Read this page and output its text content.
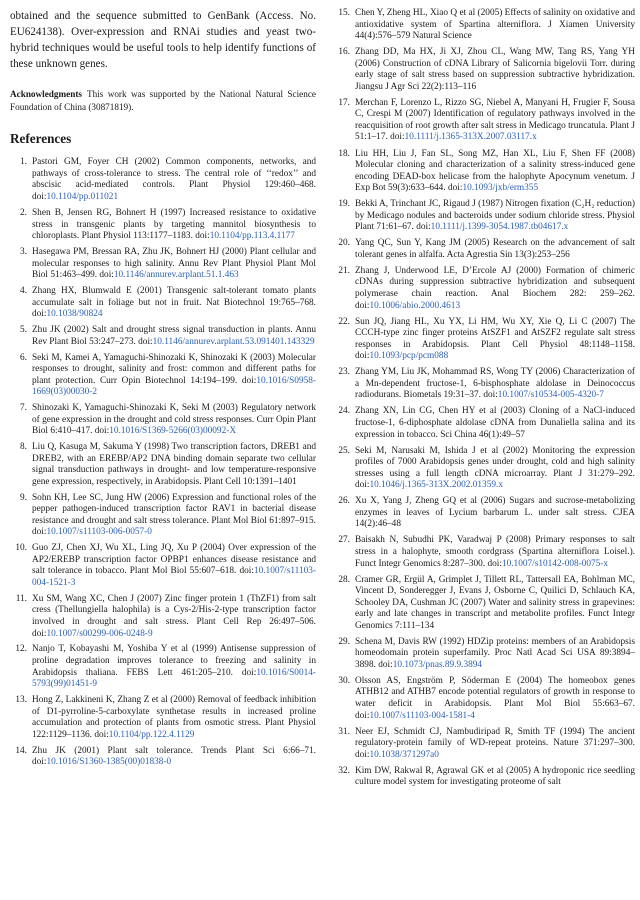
obtained and the sequence submitted to GenBank (Access. No. EU624138). Over-expression and RNAi studies and yeast two-hybrid techniques would be useful tools to help identify functions of these unknown genes.

Acknowledgments This work was supported by the National Natural Science Foundation of China (30871819).

References
1. Pastori GM, Foyer CH (2002) Common components, networks, and pathways of cross-tolerance to stress. The central role of ‘‘redox’’ and abscisic acid-mediated controls. Plant Physiol 129:460–468. doi:10.1104/pp.011021
2. Shen B, Jensen RG, Bohnert H (1997) Increased resistance to oxidative stress in transgenic plants by targeting mannitol biosynthesis to chloroplasts. Plant Physiol 113:1177–1183. doi:10.1104/pp.113.4.1177
3. Hasegawa PM, Bressan RA, Zhu JK, Bohnert HJ (2000) Plant cellular and molecular responses to high salinity. Annu Rev Plant Physiol Plant Mol Biol 51:463–499. doi:10.1146/annurev.arplant.51.1.463
4. Zhang HX, Blumwald E (2001) Transgenic salt-tolerant tomato plants accumulate salt in foliage but not in fruit. Nat Biotechnol 19:765–768. doi:10.1038/90824
5. Zhu JK (2002) Salt and drought stress signal transduction in plants. Annu Rev Plant Biol 53:247–273. doi:10.1146/annurev.arplant.53.091401.143329
6. Seki M, Kamei A, Yamaguchi-Shinozaki K, Shinozaki K (2003) Molecular responses to drought, salinity and frost: common and different paths for plant protection. Curr Opin Biotechnol 14:194–199. doi:10.1016/S0958-1669(03)00030-2
7. Shinozaki K, Yamaguchi-Shinozaki K, Seki M (2003) Regulatory network of gene expression in the drought and cold stress responses. Curr Opin Plant Biol 6:410–417. doi:10.1016/S1369-5266(03)00092-X
8. Liu Q, Kasuga M, Sakuma Y (1998) Two transcription factors, DREB1 and DREB2, with an EREBP/AP2 DNA binding domain separate two cellular signal transduction pathways in drought- and low temperature-responsive gene expression, respectively, in Arabidopsis. Plant Cell 10:1391–1401
9. Sohn KH, Lee SC, Jung HW (2006) Expression and functional roles of the pepper pathogen-induced transcription factor RAV1 in bacterial disease resistance and drought and salt stress tolerance. Plant Mol Biol 61:897–915. doi:10.1007/s11103-006-0057-0
10. Guo ZJ, Chen XJ, Wu XL, Ling JQ, Xu P (2004) Over expression of the AP2/EREBP transcription factor OPBP1 enhances disease resistance and salt tolerance in tobacco. Plant Mol Biol 55:607–618. doi:10.1007/s11103-004-1521-3
11. Xu SM, Wang XC, Chen J (2007) Zinc finger protein 1 (ThZF1) from salt cress (Thellungiella halophila) is a Cys-2/His-2-type transcription factor involved in drought and salt stress. Plant Cell Rep 26:497–506. doi:10.1007/s00299-006-0248-9
12. Nanjo T, Kobayashi M, Yoshiba Y et al (1999) Antisense suppression of proline degradation improves tolerance to freezing and salinity in Arabidopsis thaliana. FEBS Lett 461:205–210. doi:10.1016/S0014-5793(99)01451-9
13. Hong Z, Lakkineni K, Zhang Z et al (2000) Removal of feedback inhibition of D1-pyrroline-5-carboxylate synthetase results in increased proline accumulation and protection of plants from osmotic stress. Plant Physiol 122:1129–1136. doi:10.1104/pp.122.4.1129
14. Zhu JK (2001) Plant salt tolerance. Trends Plant Sci 6:66–71. doi:10.1016/S1360-1385(00)01838-0
15. Chen Y, Zheng HL, Xiao Q et al (2005) Effects of salinity on oxidative and antioxidative system of Spartina alterniflora. J Xiamen University 44(4):576–579 Natural Science
16. Zhang DD, Ma HX, Ji XJ, Zhou CL, Wang MW, Tang RS, Yang YH (2006) Construction of cDNA Library of Salicornia bigelovii Torr. during early stage of salt stress based on suppression subtractive hybridization. Jiangsu J Agr Sci 22(2):113–116
17. Merchan F, Lorenzo L, Rizzo SG, Niebel A, Manyani H, Frugier F, Sousa C, Crespi M (2007) Identification of regulatory pathways involved in the reacquisition of root growth after salt stress in Medicago truncatula. Plant J 51:1–17. doi:10.1111/j.1365-313X.2007.03117.x
18. Liu HH, Liu J, Fan SL, Song MZ, Han XL, Liu F, Shen FF (2008) Molecular cloning and characterization of a salinity stress-induced gene encoding DEAD-box helicase from the halophyte Apocynum venetum. J Exp Bot 59(3):633–644. doi:10.1093/jxb/erm355
19. Bekki A, Trinchant JC, Rigaud J (1987) Nitrogen fixation (C₂H₂ reduction) by Medicago nodules and bacteroids under sodium chloride stress. Physiol Plant 71:61–67. doi:10.1111/j.1399-3054.1987.tb04617.x
20. Yang QC, Sun Y, Kang JM (2005) Research on the advancement of salt tolerant genes in alfalfa. Acta Agrestia Sin 13(3):253–256
21. Zhang J, Underwood LE, D’Ercole AJ (2000) Formation of chimeric cDNAs during suppression subtractive hybridization and subsequent polymerase chain reaction. Anal Biochem 282: 259–262. doi:10.1006/abio.2000.4613
22. Sun JQ, Jiang HL, Xu YX, Li HM, Wu XY, Xie Q, Li C (2007) The CCCH-type zinc finger proteins AtSZF1 and AtSZF2 regulate salt stress responses in Arabidopsis. Plant Cell Physiol 48:1148–1158. doi:10.1093/pcp/pcm088
23. Zhang YM, Liu JK, Mohammad RS, Wong TY (2006) Characterization of a Mn-dependent fructose-1, 6-bisphosphate aldolase in Deinococcus radiodurans. Biometals 19:31–37. doi:10.1007/s10534-005-4320-7
24. Zhang XN, Lin CG, Chen HY et al (2003) Cloning of a NaCl-induced fructose-1, 6-diphosphate aldolase cDNA from Dunaliella salina and its expression in tobacco. Sci China 46(1):49–57
25. Seki M, Narusaki M, Ishida J et al (2002) Monitoring the expression profiles of 7000 Arabidopsis genes under drought, cold and high salinity stresses using a full length cDNA microarray. Plant J 31:279–292. doi:10.1046/j.1365-313X.2002.01359.x
26. Xu X, Yang J, Zheng GQ et al (2006) Sugars and sucrose-metabolizing enzymes in leaves of Lycium barbarum L. under salt stress. CJEA 14(2):46–48
27. Baisakh N, Subudhi PK, Varadwaj P (2008) Primary responses to salt stress in a halophyte, smooth cordgrass (Spartina alterniflora Loisel.). Funct Integr Genomics 8:287–300. doi:10.1007/s10142-008-0075-x
28. Cramer GR, Ergül A, Grimplet J, Tillett RL, Tattersall EA, Bohlman MC, Vincent D, Sonderegger J, Evans J, Osborne C, Quilici D, Schlauch KA, Schooley DA, Cushman JC (2007) Water and salinity stress in grapevines: early and late changes in transcript and metabolite profiles. Funct Integr Genomics 7:111–134
29. Schena M, Davis RW (1992) HDZip proteins: members of an Arabidopsis homeodomain protein superfamily. Proc Natl Acad Sci USA 89:3894–3898. doi:10.1073/pnas.89.9.3894
30. Olsson AS, Engström P, Söderman E (2004) The homeobox genes ATHB12 and ATHB7 encode potential regulators of growth in response to water deficit in Arabidopsis. Plant Mol Biol 55:663–67. doi:10.1007/s11103-004-1581-4
31. Neer EJ, Schmidt CJ, Nambudiripad R, Smith TF (1994) The ancient regulatory-protein family of WD-repeat proteins. Nature 371:297–300. doi:10.1038/371297a0
32. Kim DW, Rakwal R, Agrawal GK et al (2005) A hydroponic rice seedling culture model system for investigating proteome of salt
